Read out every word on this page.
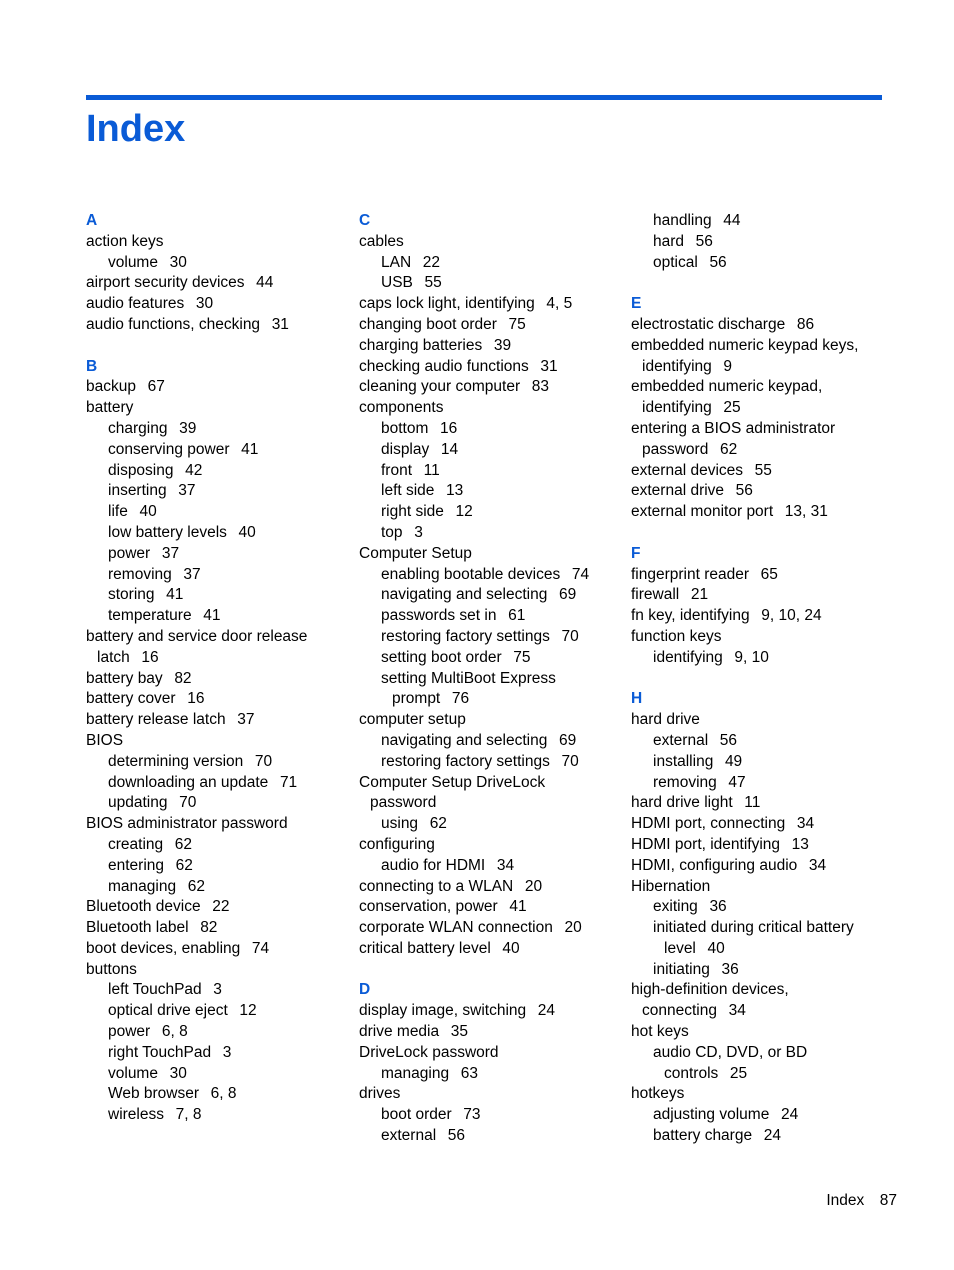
Index
A
action keys
volume 30
airport security devices 44
audio features 30
audio functions, checking 31
B
backup 67
battery
charging 39
conserving power 41
disposing 42
inserting 37
life 40
low battery levels 40
power 37
removing 37
storing 41
temperature 41
battery and service door release
latch 16
battery bay 82
battery cover 16
battery release latch 37
BIOS
determining version 70
downloading an update 71
updating 70
BIOS administrator password
creating 62
entering 62
managing 62
Bluetooth device 22
Bluetooth label 82
boot devices, enabling 74
buttons
left TouchPad 3
optical drive eject 12
power 6, 8
right TouchPad 3
volume 30
Web browser 6, 8
wireless 7, 8
C
cables
LAN 22
USB 55
caps lock light, identifying 4, 5
changing boot order 75
charging batteries 39
checking audio functions 31
cleaning your computer 83
components
bottom 16
display 14
front 11
left side 13
right side 12
top 3
Computer Setup
enabling bootable devices 74
navigating and selecting 69
passwords set in 61
restoring factory settings 70
setting boot order 75
setting MultiBoot Express
prompt 76
computer setup
navigating and selecting 69
restoring factory settings 70
Computer Setup DriveLock
password
using 62
configuring
audio for HDMI 34
connecting to a WLAN 20
conservation, power 41
corporate WLAN connection 20
critical battery level 40
D
display image, switching 24
drive media 35
DriveLock password
managing 63
drives
boot order 73
external 56
handling 44
hard 56
optical 56
E
electrostatic discharge 86
embedded numeric keypad keys,
identifying 9
embedded numeric keypad,
identifying 25
entering a BIOS administrator
password 62
external devices 55
external drive 56
external monitor port 13, 31
F
fingerprint reader 65
firewall 21
fn key, identifying 9, 10, 24
function keys
identifying 9, 10
H
hard drive
external 56
installing 49
removing 47
hard drive light 11
HDMI port, connecting 34
HDMI port, identifying 13
HDMI, configuring audio 34
Hibernation
exiting 36
initiated during critical battery
level 40
initiating 36
high-definition devices,
connecting 34
hot keys
audio CD, DVD, or BD
controls 25
hotkeys
adjusting volume 24
battery charge 24
Index 87
